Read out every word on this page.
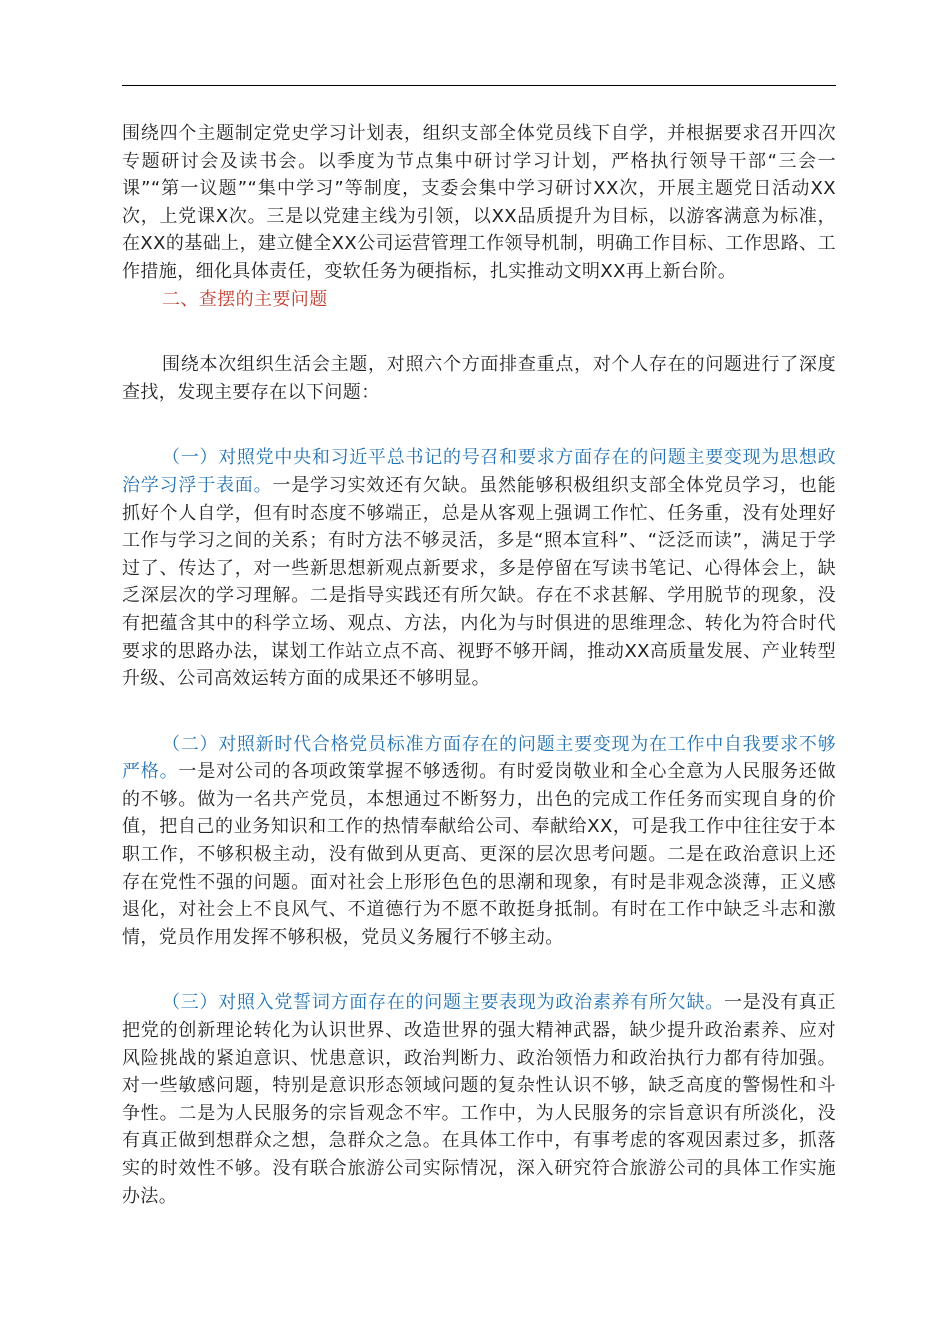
围绕四个主题制定党史学习计划表，组织支部全体党员线下自学，并根据要求召开四次专题研讨会及读书会。以季度为节点集中研讨学习计划，严格执行领导干部“三会一课”“第一议题”“集中学习”等制度，支委会集中学习研讨XX次，开展主题党日活动XX次，上党课X次。三是以党建主线为引领，以XX品质提升为目标，以游客满意为标准，在XX的基础上，建立健全XX公司运营管理工作领导机制，明确工作目标、工作思路、工作措施，细化具体责任，变软任务为硬指标，扎实推动文明XX再上新台阶。

二、查摆的主要问题

围绕本次组织生活会主题，对照六个方面排查重点，对个人存在的问题进行了深度查找，发现主要存在以下问题：

（一）对照党中央和习近平总书记的号召和要求方面存在的问题主要变现为思想政治学习浮于表面。一是学习实效还有欠缺。虽然能够积极组织支部全体党员学习，也能抓好个人自学，但有时态度不够端正，总是从客观上强调工作忙、任务重，没有处理好工作与学习之间的关系；有时方法不够灵活，多是“照本宣科”、“泛泛而读”，满足于学过了、传达了，对一些新思想新观点新要求，多是停留在写读书笔记、心得体会上，缺乏深层次的学习理解。二是指导实践还有所欠缺。存在不求甚解、学用脱节的现象，没有把蕴含其中的科学立场、观点、方法，内化为与时俱进的思维理念、转化为符合时代要求的思路办法，谋划工作站立点不高、视野不够开阔，推动XX高质量发展、产业转型升级、公司高效运转方面的成果还不够明显。

（二）对照新时代合格党员标准方面存在的问题主要变现为在工作中自我要求不够严格。一是对公司的各项政策掌握不够透彻。有时爱岗敬业和全心全意为人民服务还做的不够。做为一名共产党员，本想通过不断努力，出色的完成工作任务而实现自身的价值，把自己的业务知识和工作的热情奉献给公司、奉献给XX，可是我工作中往往安于本职工作，不够积极主动，没有做到从更高、更深的层次思考问题。二是在政治意识上还存在党性不强的问题。面对社会上形形色色的思潮和现象，有时是非观念淡薄，正义感退化，对社会上不良风气、不道德行为不愿不敢挺身抵制。有时在工作中缺乏斗志和激情，党员作用发挥不够积极，党员义务履行不够主动。

（三）对照入党誓词方面存在的问题主要表现为政治素养有所欠缺。一是没有真正把党的创新理论转化为认识世界、改造世界的强大精神武器，缺少提升政治素养、应对风险挑战的紧迫意识、忧患意识，政治判断力、政治领悟力和政治执行力都有待加强。对一些敏感问题，特别是意识形态领域问题的复杂性认识不够，缺乏高度的警惕性和斗争性。二是为人民服务的宗旨观念不牢。工作中，为人民服务的宗旨意识有所淡化，没有真正做到想群众之想，急群众之急。在具体工作中，有事考虑的客观因素过多，抓落实的时效性不够。没有联合旅游公司实际情况，深入研究符合旅游公司的具体工作实施办法。
